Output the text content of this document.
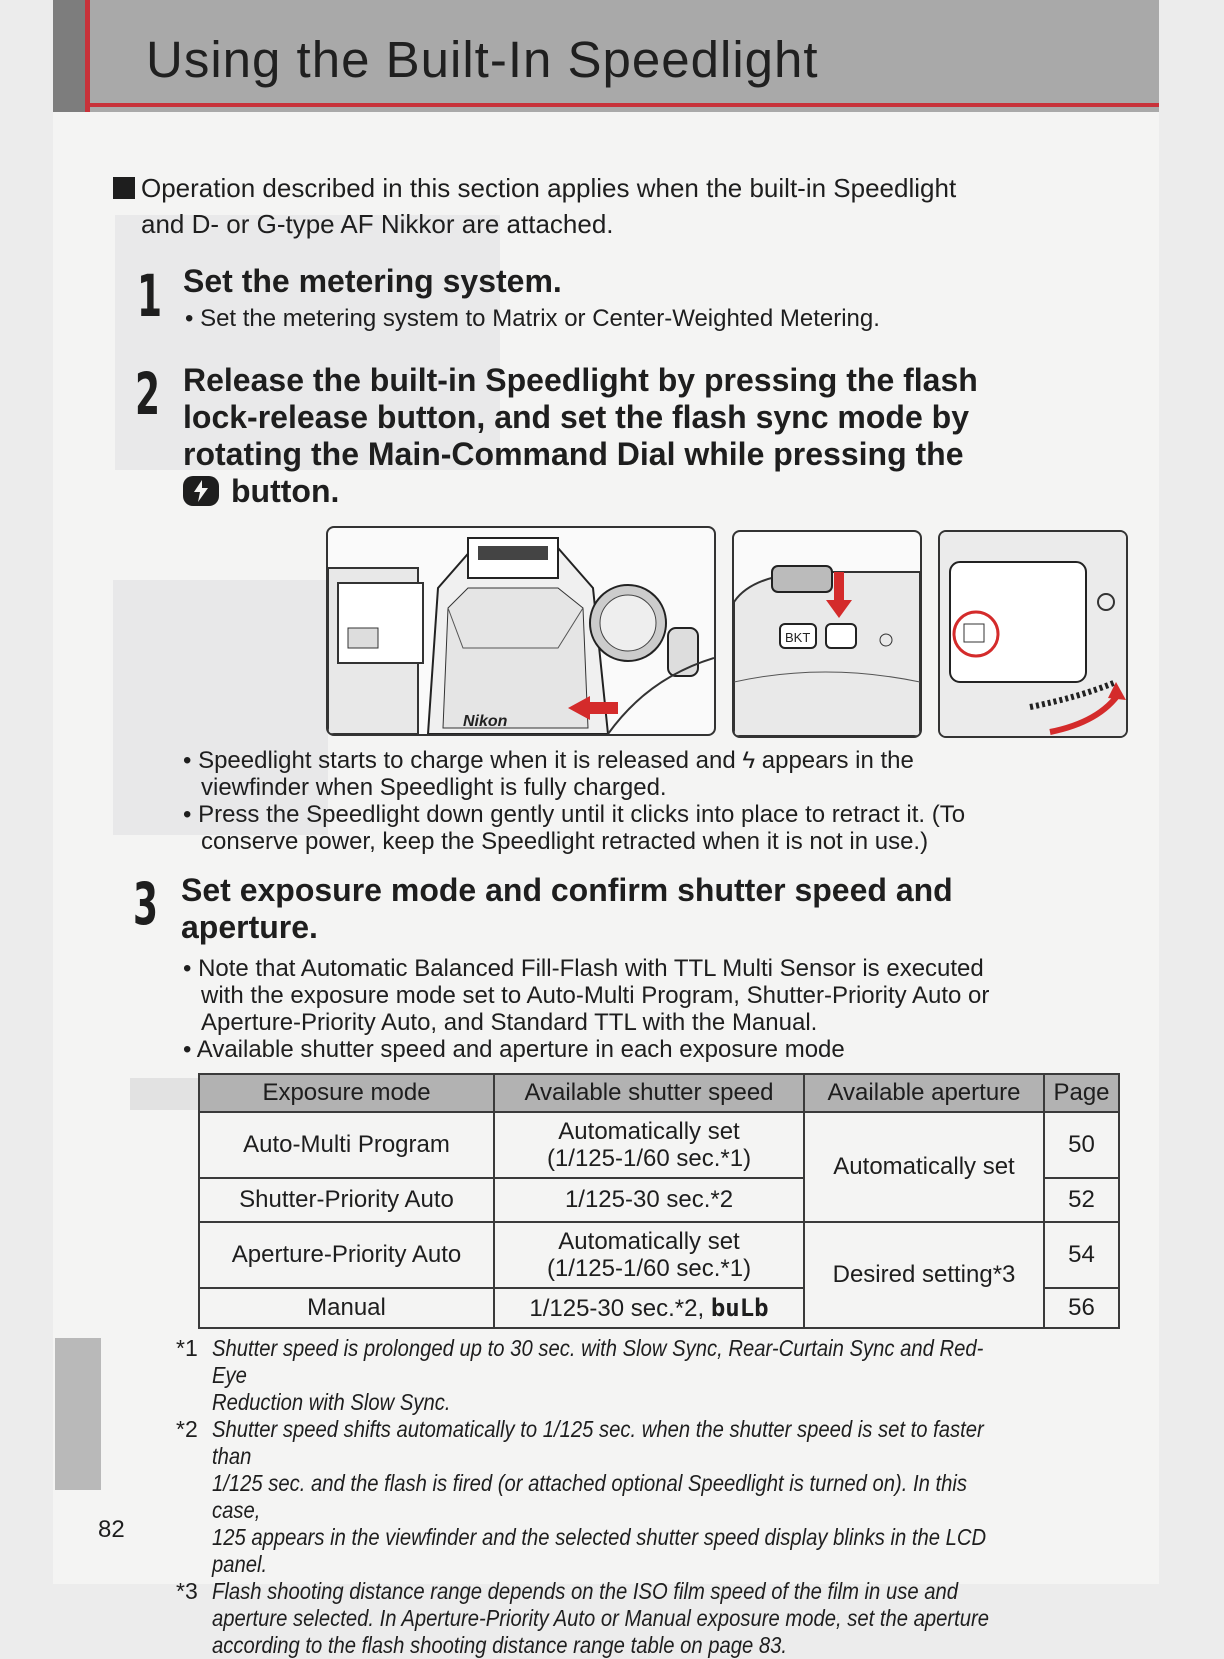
Using the Built-In Speedlight
Operation described in this section applies when the built-in Speedlight
and D- or G-type AF Nikkor are attached.
1 Set the metering system.
• Set the metering system to Matrix or Center-Weighted Metering.
2 Release the built-in Speedlight by pressing the flash
lock-release button, and set the flash sync mode by
rotating the Main-Command Dial while pressing the
button.
Nikon
BKT
• Speedlight starts to charge when it is released and ϟ appears in the
viewfinder when Speedlight is fully charged.
• Press the Speedlight down gently until it clicks into place to retract it. (To
conserve power, keep the Speedlight retracted when it is not in use.)
3 Set exposure mode and confirm shutter speed and
aperture.
• Note that Automatic Balanced Fill-Flash with TTL Multi Sensor is executed
with the exposure mode set to Auto-Multi Program, Shutter-Priority Auto or
Aperture-Priority Auto, and Standard TTL with the Manual.
• Available shutter speed and aperture in each exposure mode
Exposure mode	Available shutter speed	Available aperture	Page
Auto-Multi Program	Automatically set
(1/125-1/60 sec.*1)	Automatically set	50
Shutter-Priority Auto	1/125-30 sec.*2		52
Aperture-Priority Auto	Automatically set
(1/125-1/60 sec.*1)	Desired setting*3	54
Manual	1/125-30 sec.*2, buLb		56
*1 Shutter speed is prolonged up to 30 sec. with Slow Sync, Rear-Curtain Sync and Red-Eye
Reduction with Slow Sync.
*2 Shutter speed shifts automatically to 1/125 sec. when the shutter speed is set to faster than
1/125 sec. and the flash is fired (or attached optional Speedlight is turned on). In this case,
125 appears in the viewfinder and the selected shutter speed display blinks in the LCD panel.
*3 Flash shooting distance range depends on the ISO film speed of the film in use and
aperture selected. In Aperture-Priority Auto or Manual exposure mode, set the aperture
according to the flash shooting distance range table on page 83.
82
